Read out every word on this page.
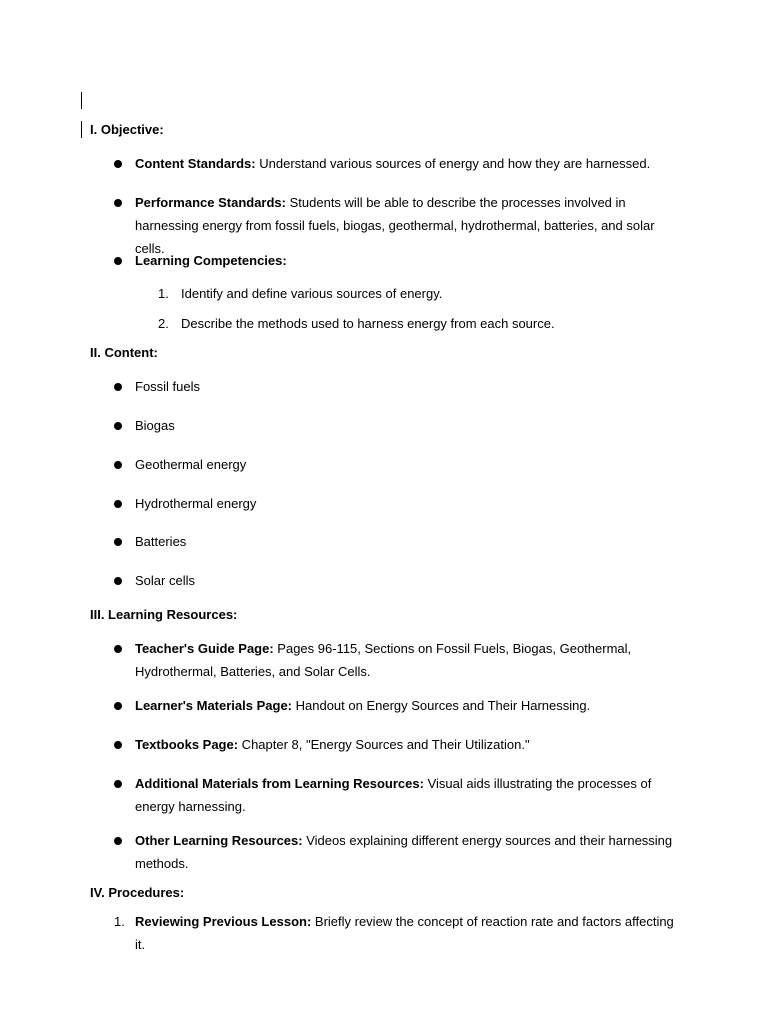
I. Objective:
Content Standards: Understand various sources of energy and how they are harnessed.
Performance Standards: Students will be able to describe the processes involved in harnessing energy from fossil fuels, biogas, geothermal, hydrothermal, batteries, and solar cells.
Learning Competencies:
1. Identify and define various sources of energy.
2. Describe the methods used to harness energy from each source.
II. Content:
Fossil fuels
Biogas
Geothermal energy
Hydrothermal energy
Batteries
Solar cells
III. Learning Resources:
Teacher's Guide Page: Pages 96-115, Sections on Fossil Fuels, Biogas, Geothermal, Hydrothermal, Batteries, and Solar Cells.
Learner's Materials Page: Handout on Energy Sources and Their Harnessing.
Textbooks Page: Chapter 8, "Energy Sources and Their Utilization."
Additional Materials from Learning Resources: Visual aids illustrating the processes of energy harnessing.
Other Learning Resources: Videos explaining different energy sources and their harnessing methods.
IV. Procedures:
1. Reviewing Previous Lesson: Briefly review the concept of reaction rate and factors affecting it.
